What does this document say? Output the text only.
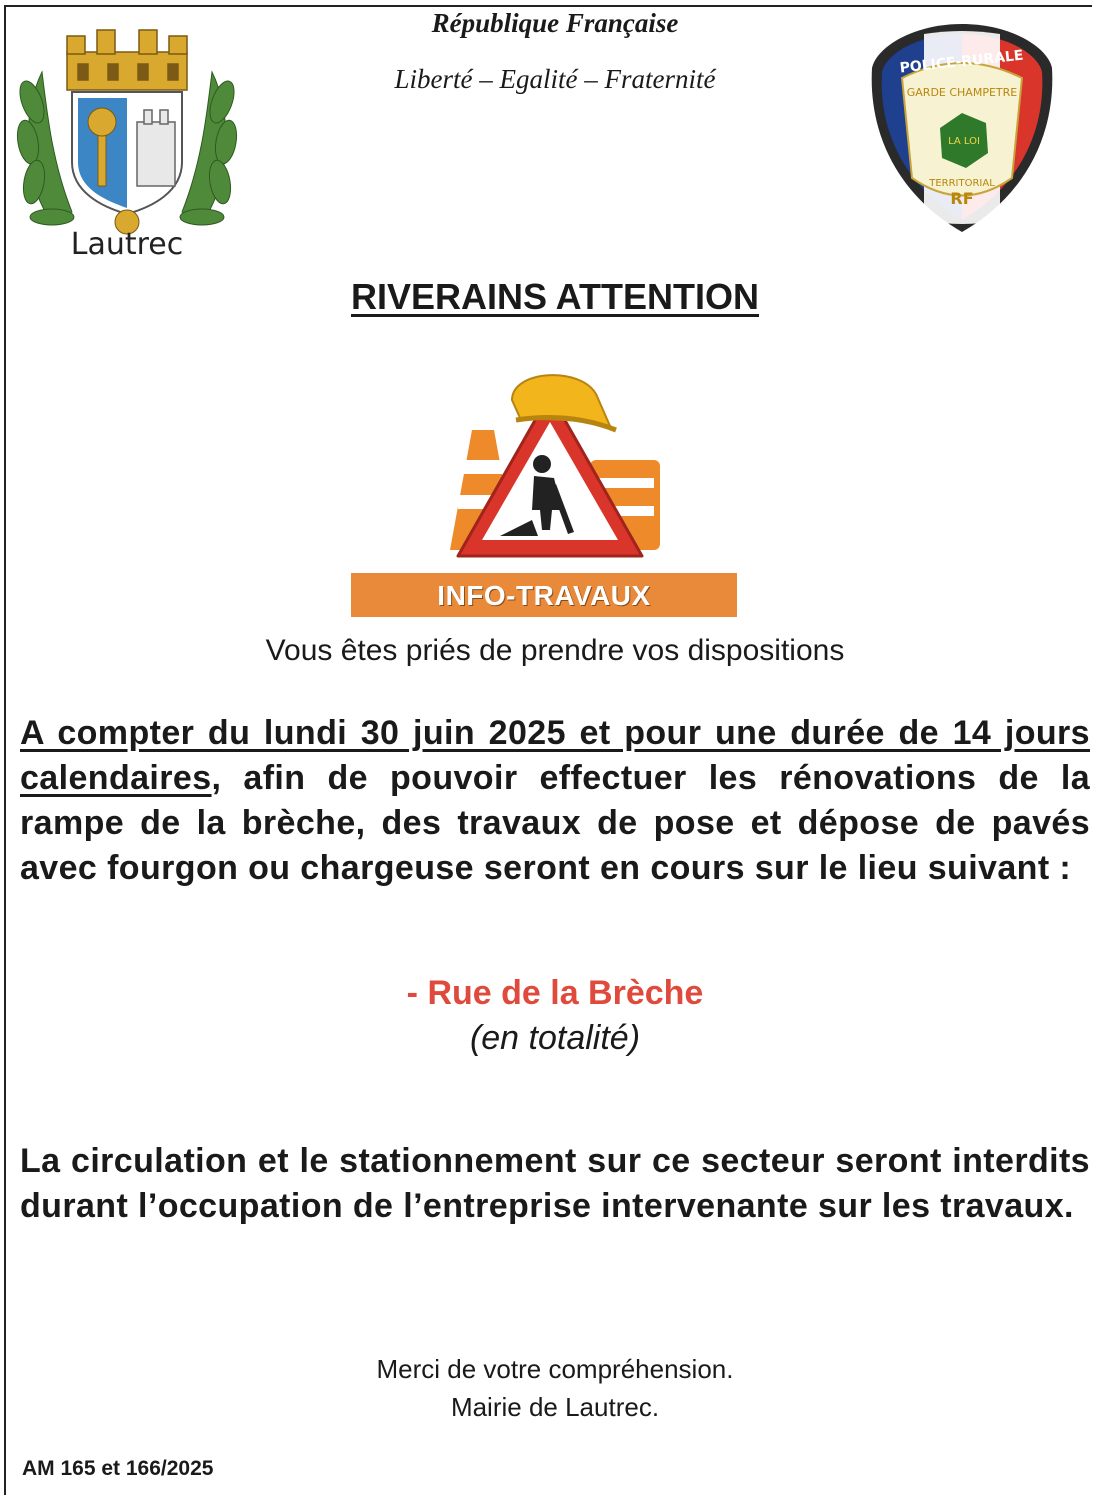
Lautrec
POLICE-RURALE
GARDE CHAMPETRE
LA LOI
TERRITORIAL
RF
République Française
Liberté – Egalité – Fraternité
RIVERAINS ATTENTION
INFO-TRAVAUX
Vous êtes priés de prendre vos dispositions
A compter du lundi 30 juin 2025 et pour une durée de 14 jours calendaires, afin de pouvoir effectuer les rénovations de la rampe de la brèche, des travaux de pose et dépose de pavés avec fourgon ou chargeuse seront en cours sur le lieu suivant :
- Rue de la Brèche
(en totalité)
La circulation et le stationnement sur ce secteur seront interdits durant l’occupation de l’entreprise intervenante sur les travaux.
Merci de votre compréhension.
Mairie de Lautrec.
AM 165 et 166/2025
